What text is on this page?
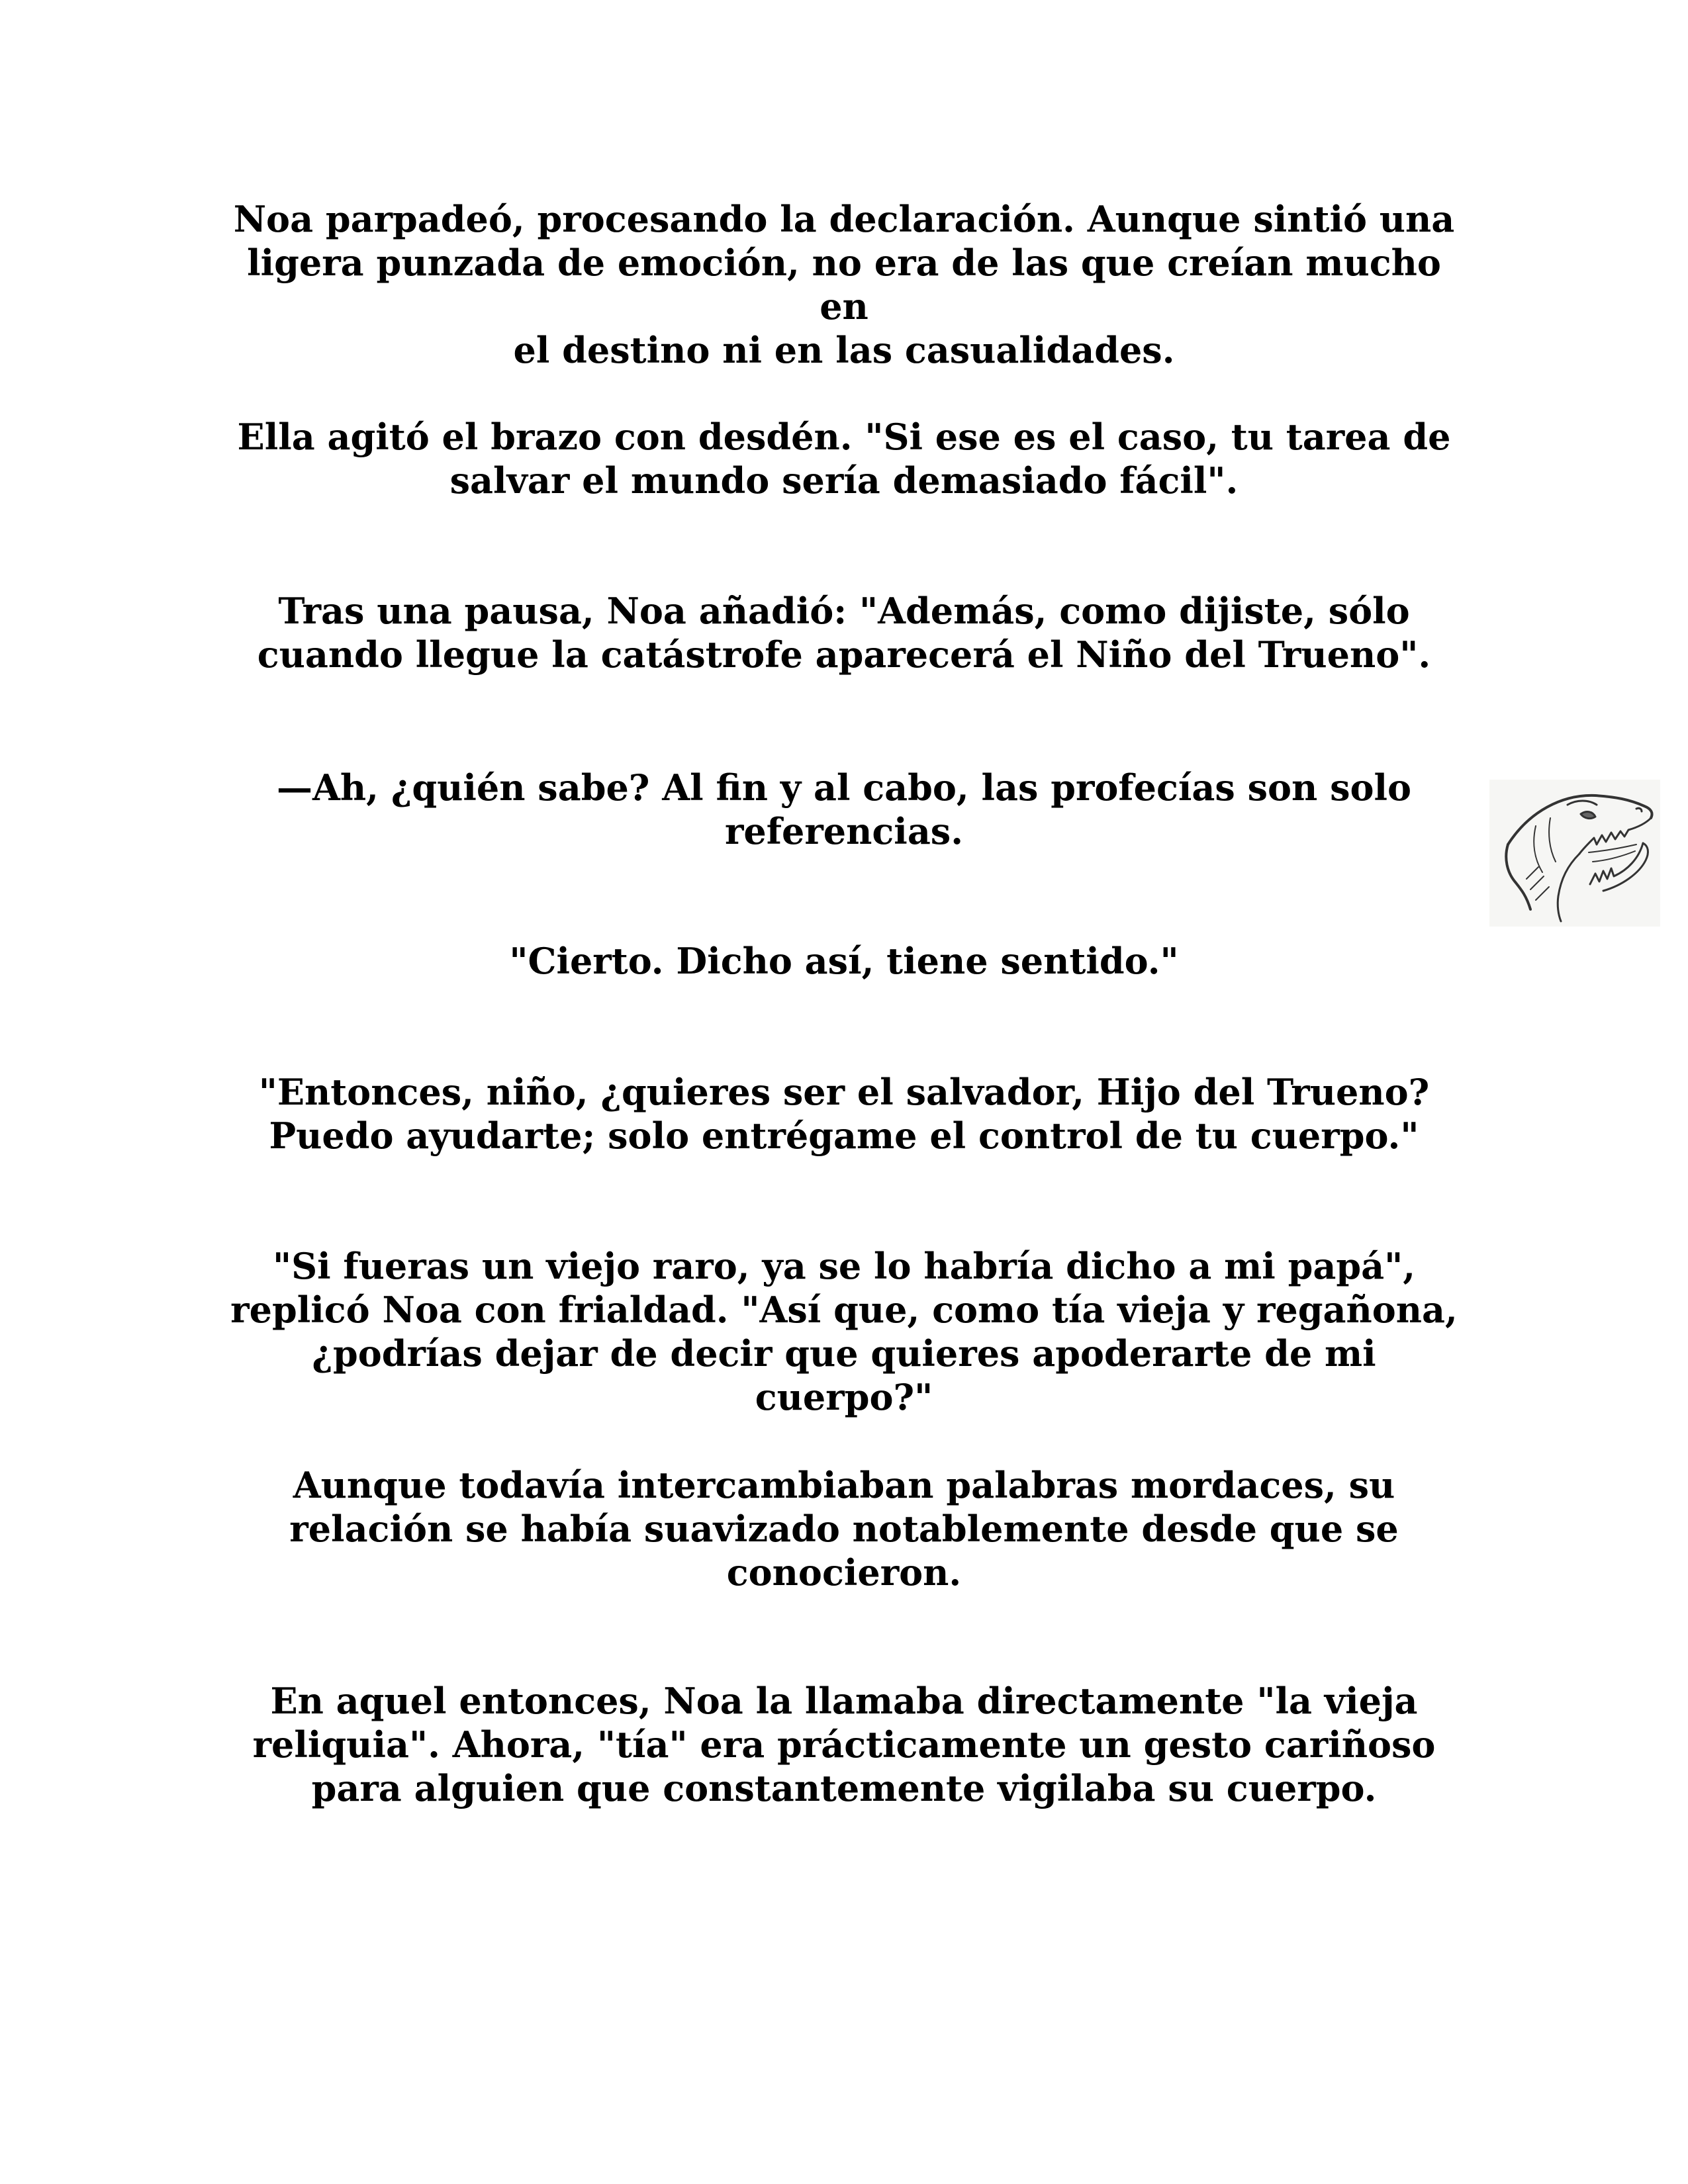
Noa parpadeó, procesando la declaración. Aunque sintió una
ligera punzada de emoción, no era de las que creían mucho en
el destino ni en las casualidades.

Ella agitó el brazo con desdén. "Si ese es el caso, tu tarea de
salvar el mundo sería demasiado fácil".

Tras una pausa, Noa añadió: "Además, como dijiste, sólo
cuando llegue la catástrofe aparecerá el Niño del Trueno".

—Ah, ¿quién sabe? Al fin y al cabo, las profecías son solo
referencias.

"Cierto. Dicho así, tiene sentido."

"Entonces, niño, ¿quieres ser el salvador, Hijo del Trueno?
Puedo ayudarte; solo entrégame el control de tu cuerpo."

"Si fueras un viejo raro, ya se lo habría dicho a mi papá",
replicó Noa con frialdad. "Así que, como tía vieja y regañona,
¿podrías dejar de decir que quieres apoderarte de mi cuerpo?"

Aunque todavía intercambiaban palabras mordaces, su
relación se había suavizado notablemente desde que se
conocieron.

En aquel entonces, Noa la llamaba directamente "la vieja
reliquia". Ahora, "tía" era prácticamente un gesto cariñoso
para alguien que constantemente vigilaba su cuerpo.
